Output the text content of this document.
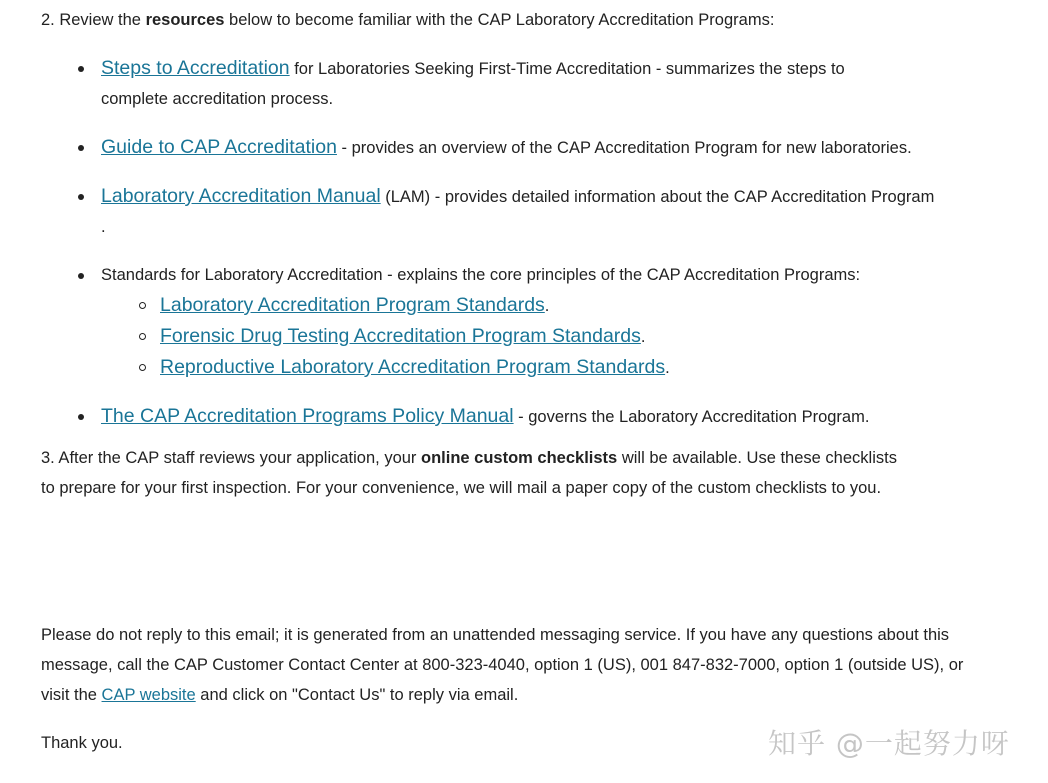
2. Review the resources below to become familiar with the CAP Laboratory Accreditation Programs:
Steps to Accreditation for Laboratories Seeking First-Time Accreditation - summarizes the steps to complete accreditation process.
Guide to CAP Accreditation - provides an overview of the CAP Accreditation Program for new laboratories.
Laboratory Accreditation Manual (LAM) - provides detailed information about the CAP Accreditation Program .
Standards for Laboratory Accreditation - explains the core principles of the CAP Accreditation Programs:
Laboratory Accreditation Program Standards.
Forensic Drug Testing Accreditation Program Standards.
Reproductive Laboratory Accreditation Program Standards.
The CAP Accreditation Programs Policy Manual - governs the Laboratory Accreditation Program.
3. After the CAP staff reviews your application, your online custom checklists will be available. Use these checklists to prepare for your first inspection. For your convenience, we will mail a paper copy of the custom checklists to you.
Please do not reply to this email; it is generated from an unattended messaging service. If you have any questions about this message, call the CAP Customer Contact Center at 800-323-4040, option 1 (US), 001 847-832-7000, option 1 (outside US), or visit the CAP website and click on "Contact Us" to reply via email.
Thank you.	知乎 @一起努力呀
